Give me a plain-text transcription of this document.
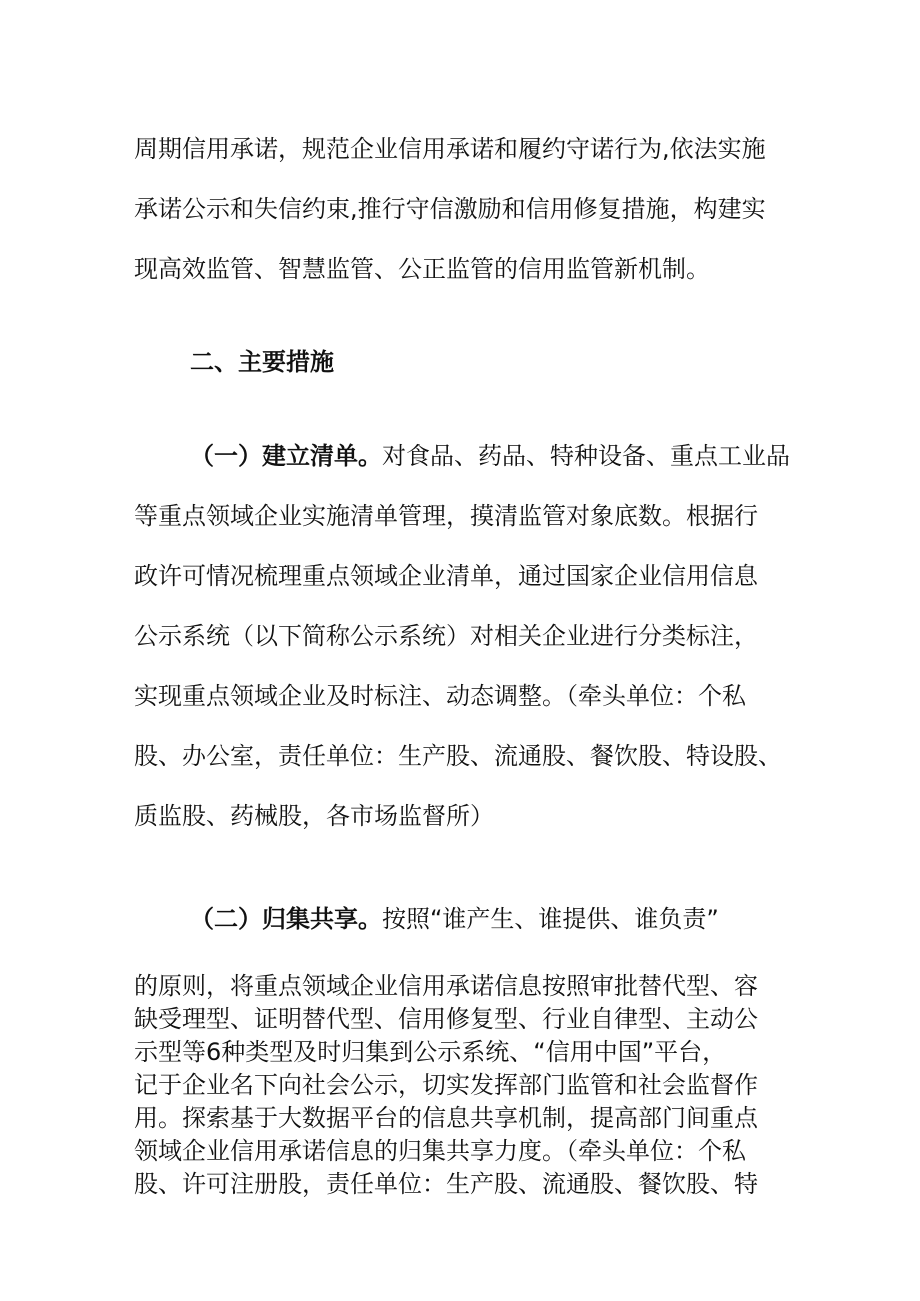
周期信用承诺，规范企业信用承诺和履约守诺行为,依法实施
承诺公示和失信约束,推行守信激励和信用修复措施，构建实
现高效监管、智慧监管、公正监管的信用监管新机制。
二、主要措施
（一）建立清单。对食品、药品、特种设备、重点工业品
等重点领域企业实施清单管理，摸清监管对象底数。根据行
政许可情况梳理重点领域企业清单，通过国家企业信用信息
公示系统（以下简称公示系统）对相关企业进行分类标注，
实现重点领域企业及时标注、动态调整。（牵头单位：个私
股、办公室，责任单位：生产股、流通股、餐饮股、特设股、
质监股、药械股，各市场监督所）
（二）归集共享。按照“谁产生、谁提供、谁负责”
的原则，将重点领域企业信用承诺信息按照审批替代型、容
缺受理型、证明替代型、信用修复型、行业自律型、主动公
示型等6种类型及时归集到公示系统、“信用中国”平台，
记于企业名下向社会公示，切实发挥部门监管和社会监督作
用。探索基于大数据平台的信息共享机制，提高部门间重点
领域企业信用承诺信息的归集共享力度。（牵头单位：个私
股、许可注册股，责任单位：生产股、流通股、餐饮股、特
